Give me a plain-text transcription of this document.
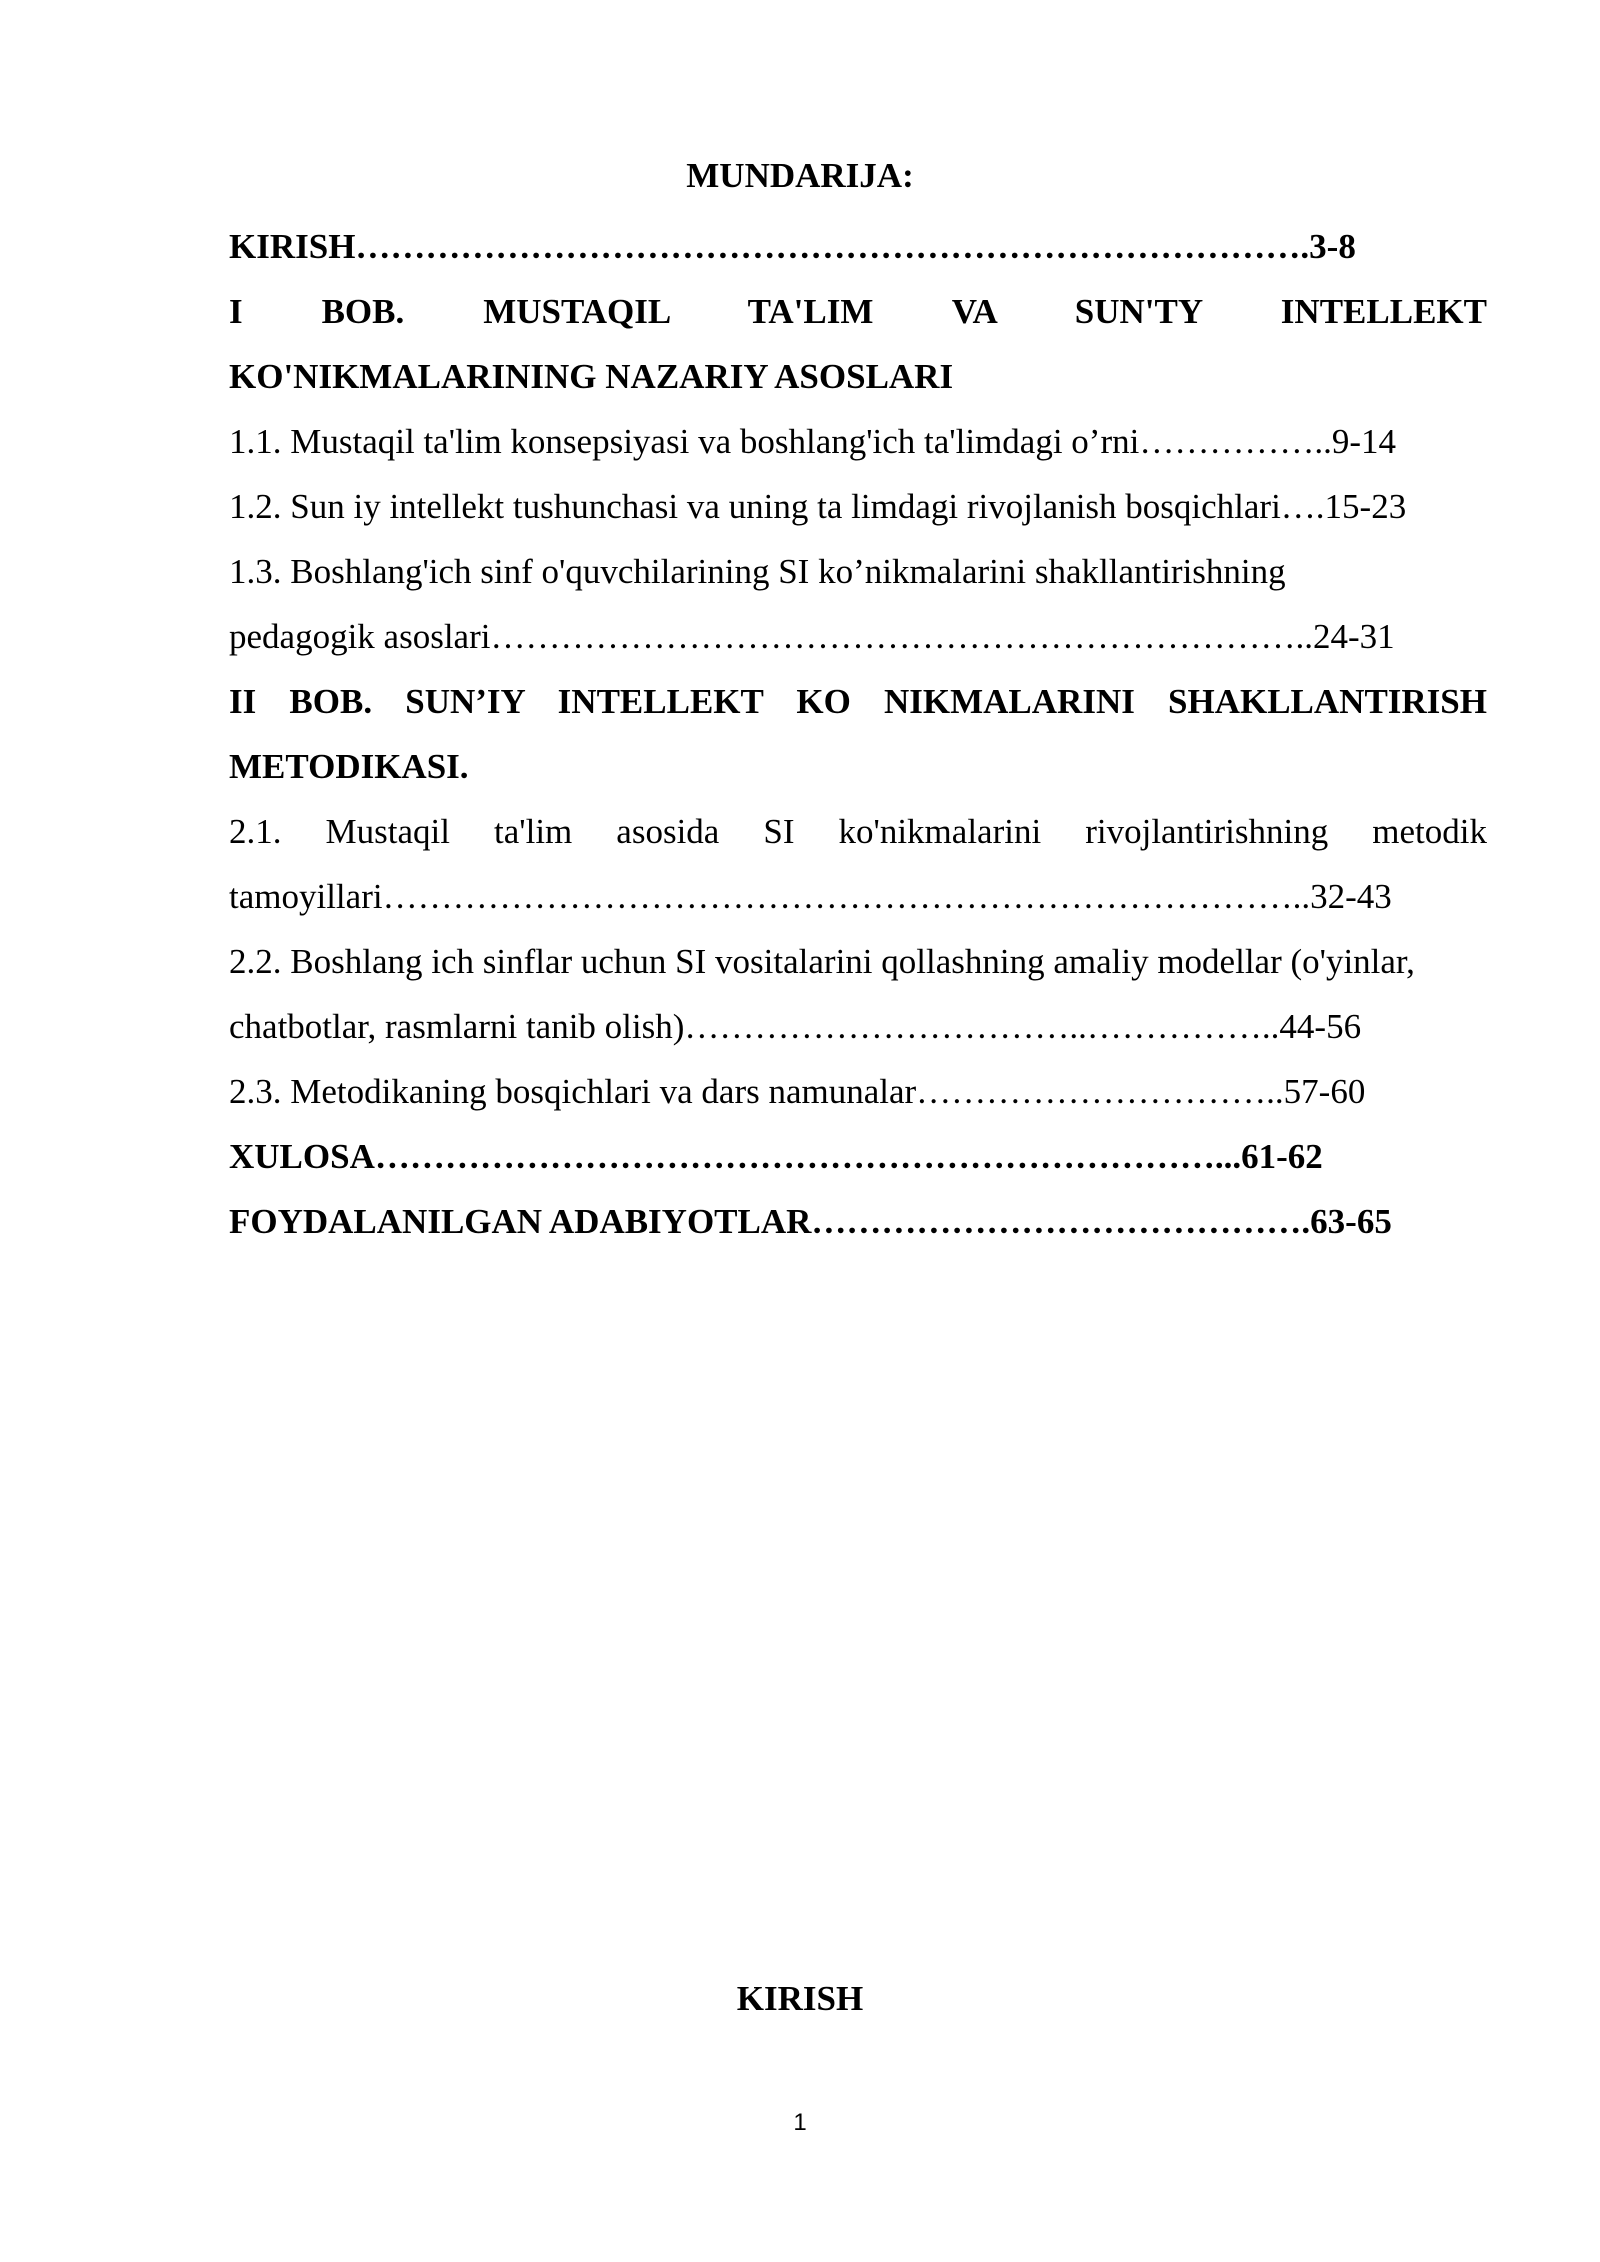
MUNDARIJA:
KIRISH……………………………………………………………………….3-8
I BOB. MUSTAQIL TA'LIM VA SUN'TY INTELLEKT
KO'NIKMALARINING NAZARIY ASOSLARI
1.1. Mustaqil ta'lim konsepsiyasi va boshlang'ich ta'limdagi o’rni……………..9-14
1.2. Sun iy intellekt tushunchasi va uning ta limdagi rivojlanish bosqichlari….15-23
1.3. Boshlang'ich sinf o'quvchilarining SI ko’nikmalarini shakllantirishning
pedagogik asoslari……………………………………………………………..24-31
II BOB. SUN’IY INTELLEKT KO NIKMALARINI SHAKLLANTIRISH
METODIKASI.
2.1. Mustaqil ta'lim asosida SI ko'nikmalarini rivojlantirishning metodik
tamoyillari……………………………………………………………………..32-43
2.2. Boshlang ich sinflar uchun SI vositalarini qollashning amaliy modellar (o'yinlar,
chatbotlar, rasmlarni tanib olish)……………………………..……………..44-56
2.3. Metodikaning bosqichlari va dars namunalar…………………………..57-60
XULOSA………………………………………………………………...61-62
FOYDALANILGAN ADABIYOTLAR…………………………………….63-65
KIRISH
1
